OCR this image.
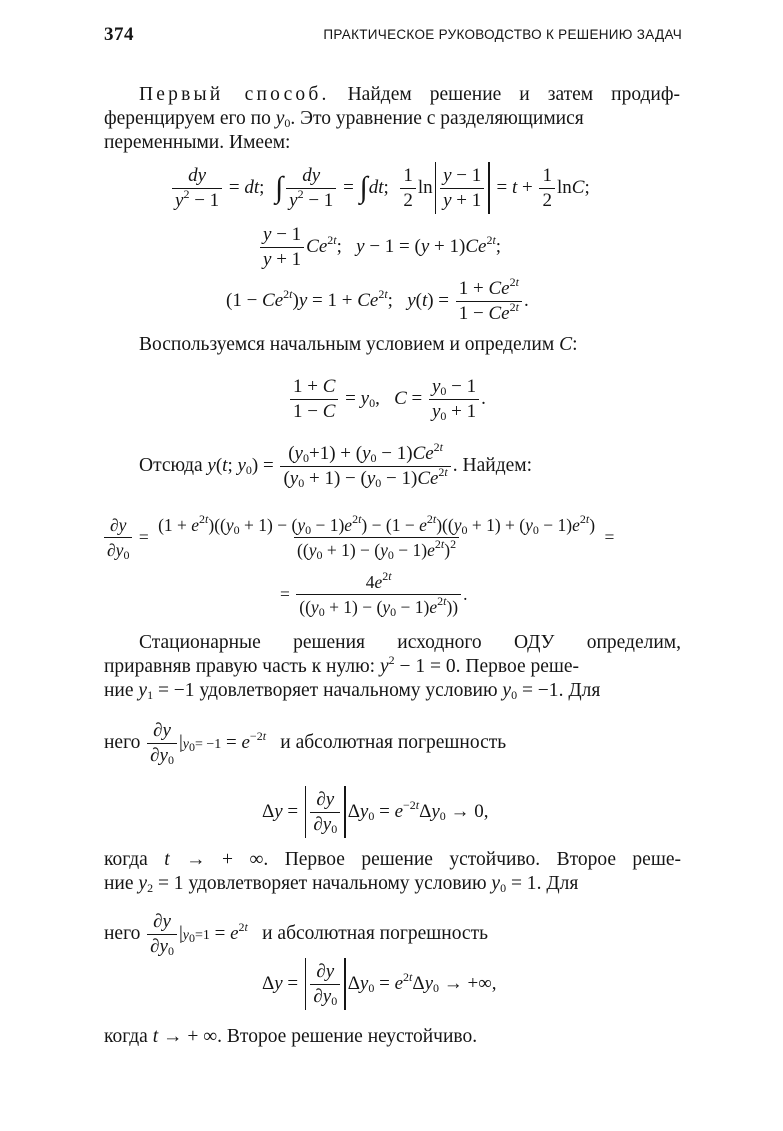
374	ПРАКТИЧЕСКОЕ РУКОВОДСТВО К РЕШЕНИЮ ЗАДАЧ
Первый способ. Найдем решение и затем продиф-
ференцируем его по $y_0$. Это уравнение с разделяющимися
переменными. Имеем:
$\frac{dy}{y^2 - 1}$ = dt; ∫ $\frac{dy}{y^2 - 1}$ = ∫ dt; $\frac{1}{2}$ $\ln \frac{y - 1}{y + 1} = t + \frac{1}{2} \ln C$;
$\frac{y - 1}{y + 1} Ce^{2t}$;   $y - 1 = (y + 1)Ce^{2t}$;
$(1 - Ce^{2t})y = 1 + Ce^{2t}$;   $y(t) = \frac{1 + Ce^{2t}}{1 - Ce^{2t}}$ .
Воспользуемся начальным условием и определим C:
$\frac{1 + C}{1 - C} = y_0$,   $C = \frac{y_0 - 1}{y_0 + 1}$ .
Отсюда y(t; $y_0) = \frac{(y_0+1) + (y_0 - 1)Ce^{2t}}{(y_0 + 1) - (y_0 - 1)Ce^{2t}}$ . Найдем:
$\frac{\partial y}{\partial y_0}$ =
$(1 + e^{2t})((y_0 + 1) - (y_0 - 1)e^{2t}) - (1 - e^{2t})((y_0 + 1) + (y_0 - 1)e^{2t})$
$((y_0 + 1) - (y_0 - 1)e^{2t})^2$	=
= $\frac{4e^{2t}}{((y_0 + 1) - (y_0 - 1)e^{2t}))}$ .
Стационарные решения исходного ОДУ определим,
приравняв правую часть к нулю: $y^2 - 1 = 0$. Первое реше-
ние $y_1 = -1$ удовлетворяет начальному условию $y_0 = -1$. Для
него
$\frac{\partial y}{\partial y_0} |y_0= -1 = e^{-2t}$ и абсолютная погрешность
$\Delta y = \frac{\partial y}{\partial y_0} \Delta y_0 = e^{-2t}\Delta y_0 \to 0$,
когда t → + ∞. Первое решение устойчиво. Второе реше-
ние $y_2 = 1$ удовлетворяет начальному условию $y_0 = 1$. Для
него
$\frac{\partial y}{\partial y_0} |y_0=1 = e^{2t}$ и абсолютная погрешность
$\Delta y = \frac{\partial y}{\partial y_0} \Delta y_0 = e^{2t}\Delta y_0$ → +∞,
когда t → + ∞. Второе решение неустойчиво.
